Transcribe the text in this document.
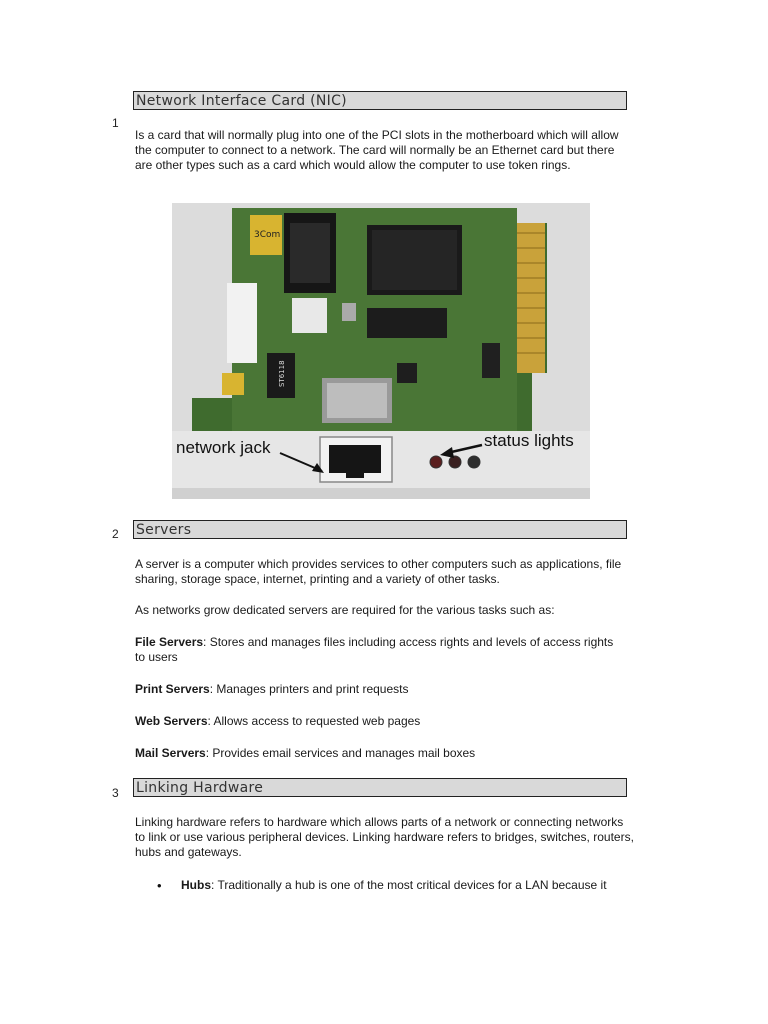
1
Network Interface Card (NIC)

Is a card that will normally plug into one of the PCI slots in the motherboard which will allow the computer to connect to a network. The card will normally be an Ethernet card but there are other types such as a card which would allow the computer to use token rings.

3Com
ST6118
network jack	status lights
2 Servers

A server is a computer which provides services to other computers such as applications, file sharing, storage space, internet, printing and a variety of other tasks.

As networks grow dedicated servers are required for the various tasks such as:

File Servers: Stores and manages files including access rights and levels of access rights to users

Print Servers: Manages printers and print requests

Web Servers: Allows access to requested web pages

Mail Servers: Provides email services and manages mail boxes

3 Linking Hardware

Linking hardware refers to hardware which allows parts of a network or connecting networks to link or use various peripheral devices. Linking hardware refers to bridges, switches, routers, hubs and gateways.

• Hubs: Traditionally a hub is one of the most critical devices for a LAN because it
